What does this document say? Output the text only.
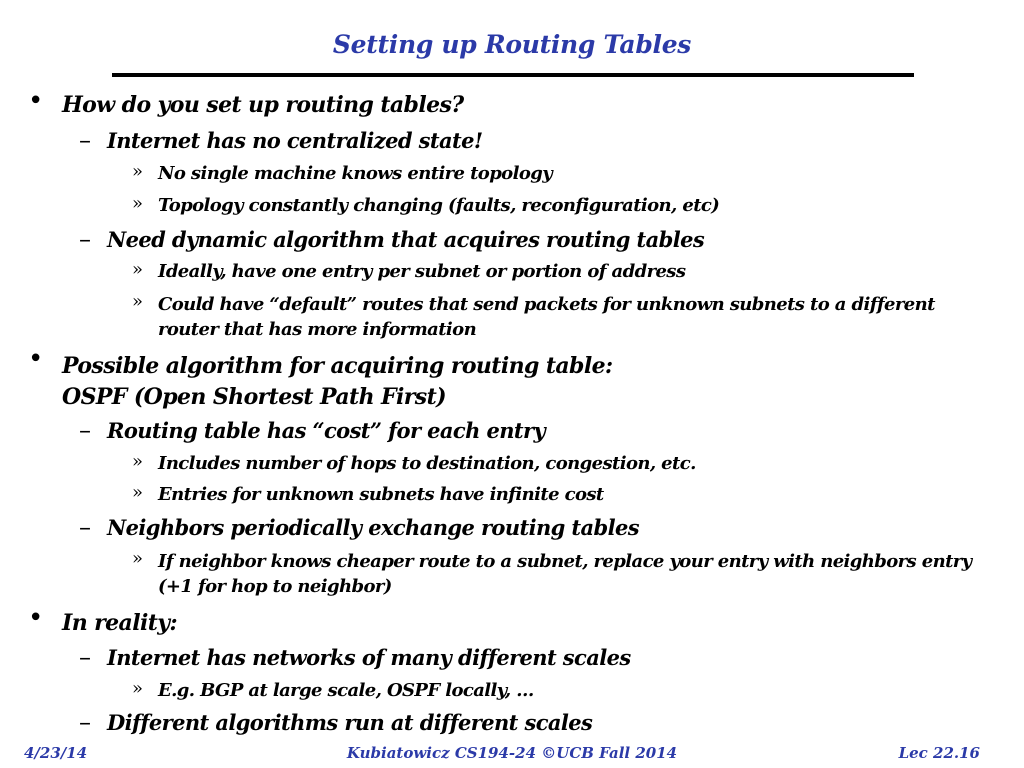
Setting up Routing Tables
• How do you set up routing tables?
– Internet has no centralized state!
» No single machine knows entire topology
» Topology constantly changing (faults, reconfiguration, etc)
– Need dynamic algorithm that acquires routing tables
» Ideally, have one entry per subnet or portion of address
» Could have “default” routes that send packets for unknown subnets to a different router that has more information
• Possible algorithm for acquiring routing table: OSPF (Open Shortest Path First)
– Routing table has “cost” for each entry
» Includes number of hops to destination, congestion, etc.
» Entries for unknown subnets have infinite cost
– Neighbors periodically exchange routing tables
» If neighbor knows cheaper route to a subnet, replace your entry with neighbors entry (+1 for hop to neighbor)
• In reality:
– Internet has networks of many different scales
» E.g. BGP at large scale, OSPF locally, …
– Different algorithms run at different scales
4/23/14	Kubiatowicz CS194-24 ©UCB Fall 2014	Lec 22.16
